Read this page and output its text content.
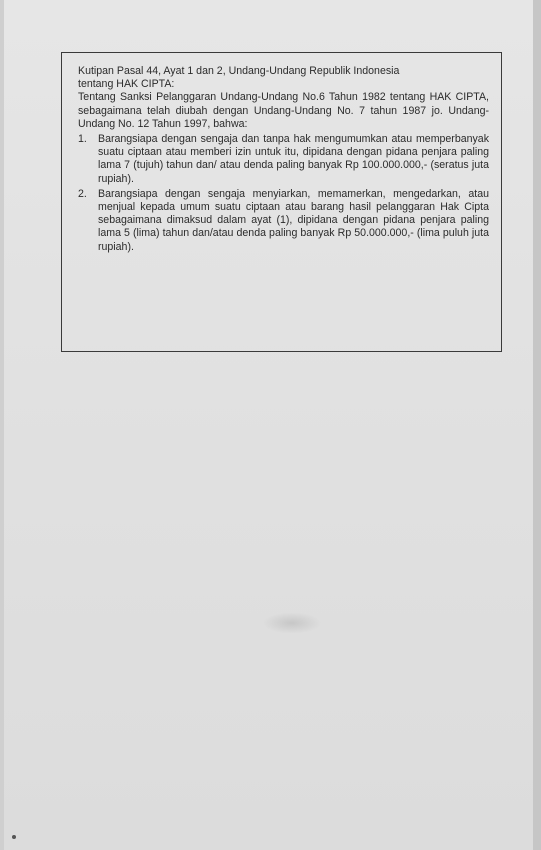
Kutipan Pasal 44, Ayat 1 dan 2, Undang-Undang Republik Indonesia
tentang HAK CIPTA:
Tentang Sanksi Pelanggaran Undang-Undang No.6 Tahun 1982 tentang HAK CIPTA, sebagaimana telah diubah dengan Undang-Undang No. 7 tahun 1987 jo. Undang-Undang No. 12 Tahun 1997, bahwa:
1.	Barangsiapa dengan sengaja dan tanpa hak mengumumkan atau memperbanyak suatu ciptaan atau memberi izin untuk itu, dipidana dengan pidana penjara paling lama 7 (tujuh) tahun dan/ atau denda paling banyak Rp 100.000.000,- (seratus juta rupiah).
2.	Barangsiapa dengan sengaja menyiarkan, memamerkan, mengedarkan, atau menjual kepada umum suatu ciptaan atau barang hasil pelanggaran Hak Cipta sebagaimana dimaksud dalam ayat (1), dipidana dengan pidana penjara paling lama 5 (lima) tahun dan/atau denda paling banyak Rp 50.000.000,- (lima puluh juta rupiah).
